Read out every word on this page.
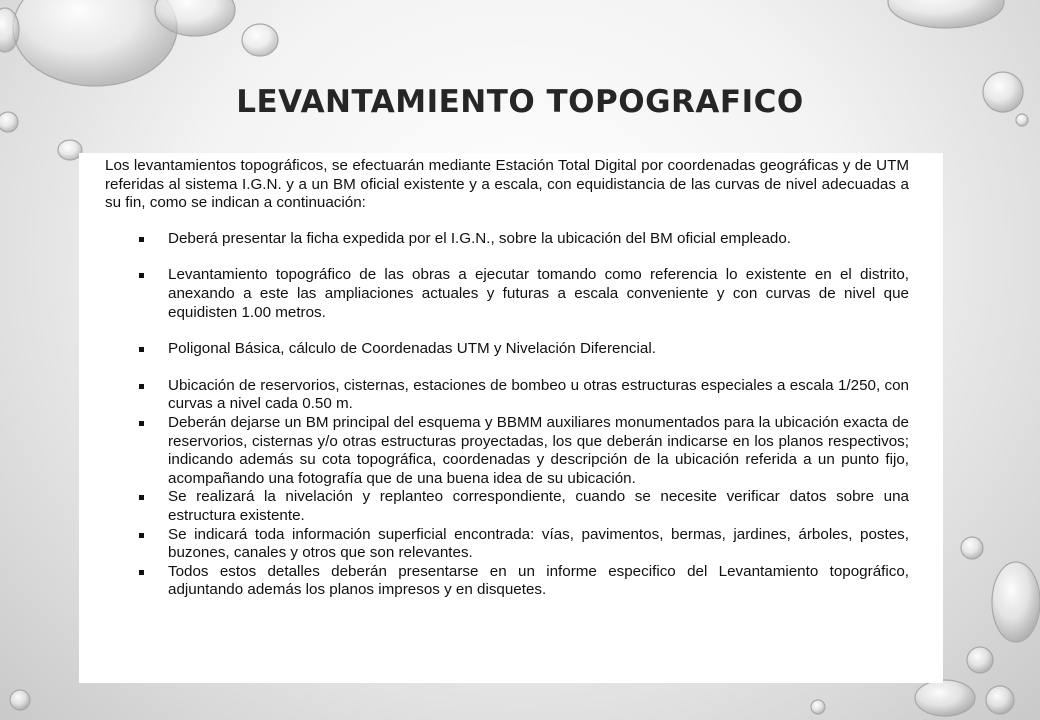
LEVANTAMIENTO TOPOGRAFICO

Los levantamientos topográficos, se efectuarán mediante Estación Total Digital por coordenadas geográficas y de UTM referidas al sistema I.G.N. y a un BM oficial existente y a escala, con equidistancia de las curvas de nivel adecuadas a su fin, como se indican a continuación:

Deberá presentar la ficha expedida por el I.G.N., sobre la ubicación del BM oficial empleado.
Levantamiento topográfico de las obras a ejecutar tomando como referencia lo existente en el distrito, anexando a este las ampliaciones actuales y futuras a escala conveniente y con curvas de nivel que equidisten 1.00 metros.
Poligonal Básica, cálculo de Coordenadas UTM y Nivelación Diferencial.
Ubicación de reservorios, cisternas, estaciones de bombeo u otras estructuras especiales a escala 1/250, con curvas a nivel cada 0.50 m.
Deberán dejarse un BM principal del esquema y BBMM auxiliares monumentados para la ubicación exacta de reservorios, cisternas y/o otras estructuras proyectadas, los que deberán indicarse en los planos respectivos; indicando además su cota topográfica, coordenadas y descripción de la ubicación referida a un punto fijo, acompañando una fotografía que de una buena idea de su ubicación.
Se realizará la nivelación y replanteo correspondiente, cuando se necesite verificar datos sobre una estructura existente.
Se indicará toda información superficial encontrada: vías, pavimentos, bermas, jardines, árboles, postes, buzones, canales y otros que son relevantes.
Todos estos detalles deberán presentarse en un informe especifico del Levantamiento topográfico, adjuntando además los planos impresos y en disquetes.
